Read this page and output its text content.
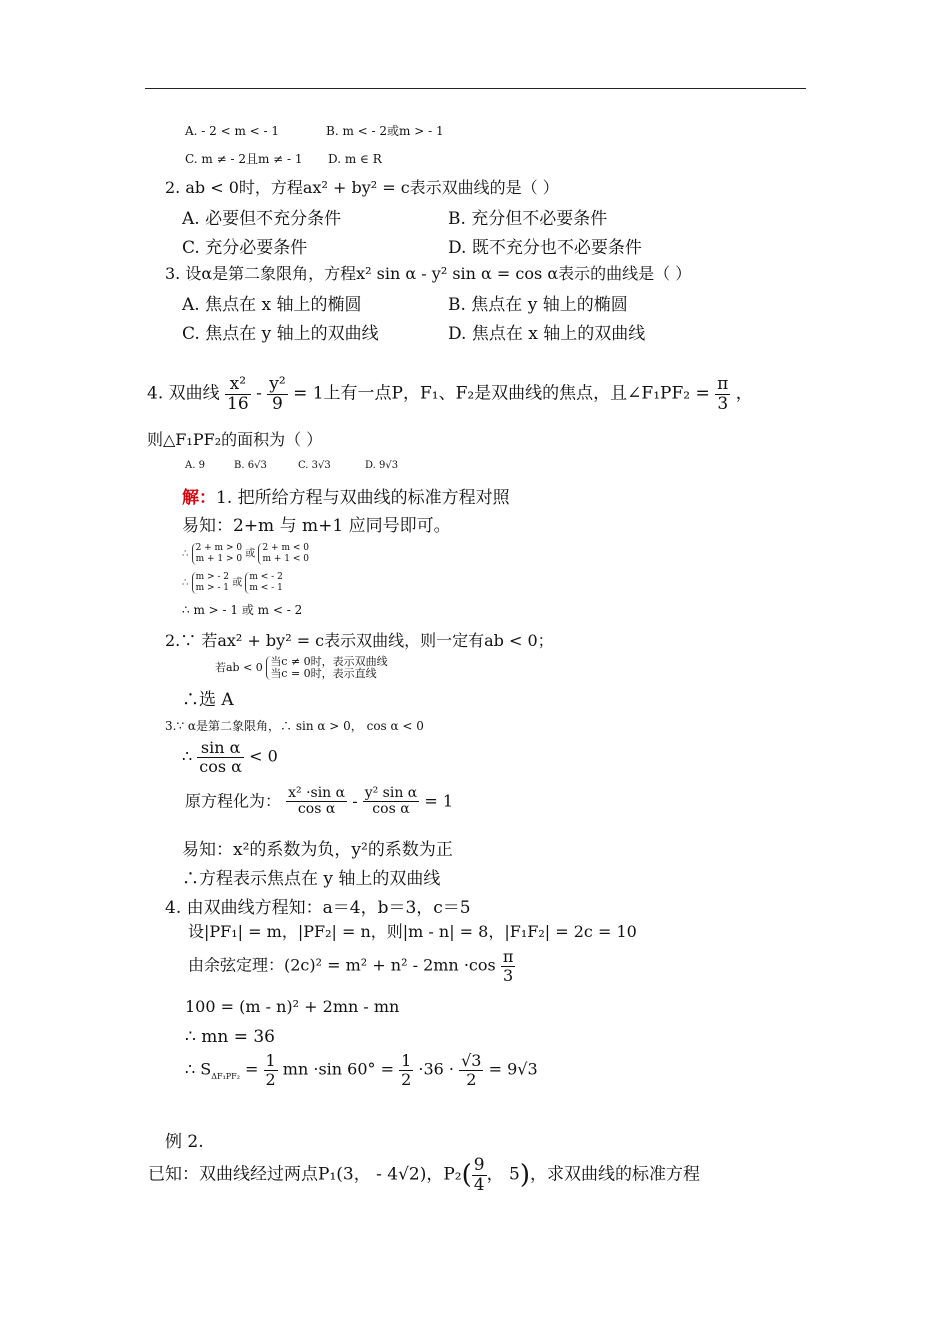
A. - 2 < m < - 1	B. m < - 2或m > - 1
C. m ≠ - 2且m ≠ - 1 D. m ∈ R
2. ab < 0时，方程ax² + by² = c表示双曲线的是（ ）
A. 必要但不充分条件	B. 充分但不必要条件
C. 充分必要条件	D. 既不充分也不必要条件
3. 设α是第二象限角，方程x² sin α - y² sin α = cos α表示的曲线是（ ）
A. 焦点在 x 轴上的椭圆	B. 焦点在 y 轴上的椭圆
C. 焦点在 y 轴上的双曲线	D. 焦点在 x 轴上的双曲线
4. 双曲线 $\frac{\text{x²}}{16} - \frac{\text{y²}}{9} = 1$上有一点P，F₁、F₂是双曲线的焦点，且∠F₁PF₂ = $\frac{\pi}{3}$ ，
则△F₁PF₂的面积为（ ）
A. 9	B. 6√3	C. 3√3	D. 9√3
解：1. 把所给方程与双曲线的标准方程对照
易知：2+m 与 m+1 应同号即可。
∴
2 + m > 0
m + 1 > 0 或
2 + m < 0
m + 1 < 0
∴
m > - 2
m > - 1 或
m < - 2
m < - 1
∴ m > - 1 或 m < - 2
2.∵ 若ax² + by² = c表示双曲线，则一定有ab < 0；
若ab < 0 当c ≠ 0时，表示双曲线
当c = 0时，表示直线
∴选 A
3.∵ α是第二象限角，∴ sin α > 0， cos α < 0
∴ $\frac{\text{sin α}}{\text{cos α}} < 0$
原方程化为： $\frac{\text{x² ·sin α}}{\text{cos α}} - \frac{\text{y² sin α}}{\text{cos α}} = 1$
易知：x²的系数为负，y²的系数为正
∴方程表示焦点在 y 轴上的双曲线
4. 由双曲线方程知：a＝4，b＝3，c＝5
设|PF₁| = m，|PF₂| = n，则|m - n| = 8，|F₁F₂| = 2c = 10
由余弦定理：$(2c)^2 = m^2 + n^2 - 2mn \cdot\cos \frac{\pi}{3}$
100 = (m - n)² + 2mn - mn
∴ mn = 36
∴ $S_{\Delta F_1PF_2} = \frac{1}{2}$ mn ·sin $60^\circ = \frac{1}{2} \cdot 36 \cdot \frac{√3}{2} = 9√3$
例 2.
已知：双曲线经过两点P₁(3， - 4√2)，$P_2( \frac{9}{4}$ ， 5)，求双曲线的标准方程
